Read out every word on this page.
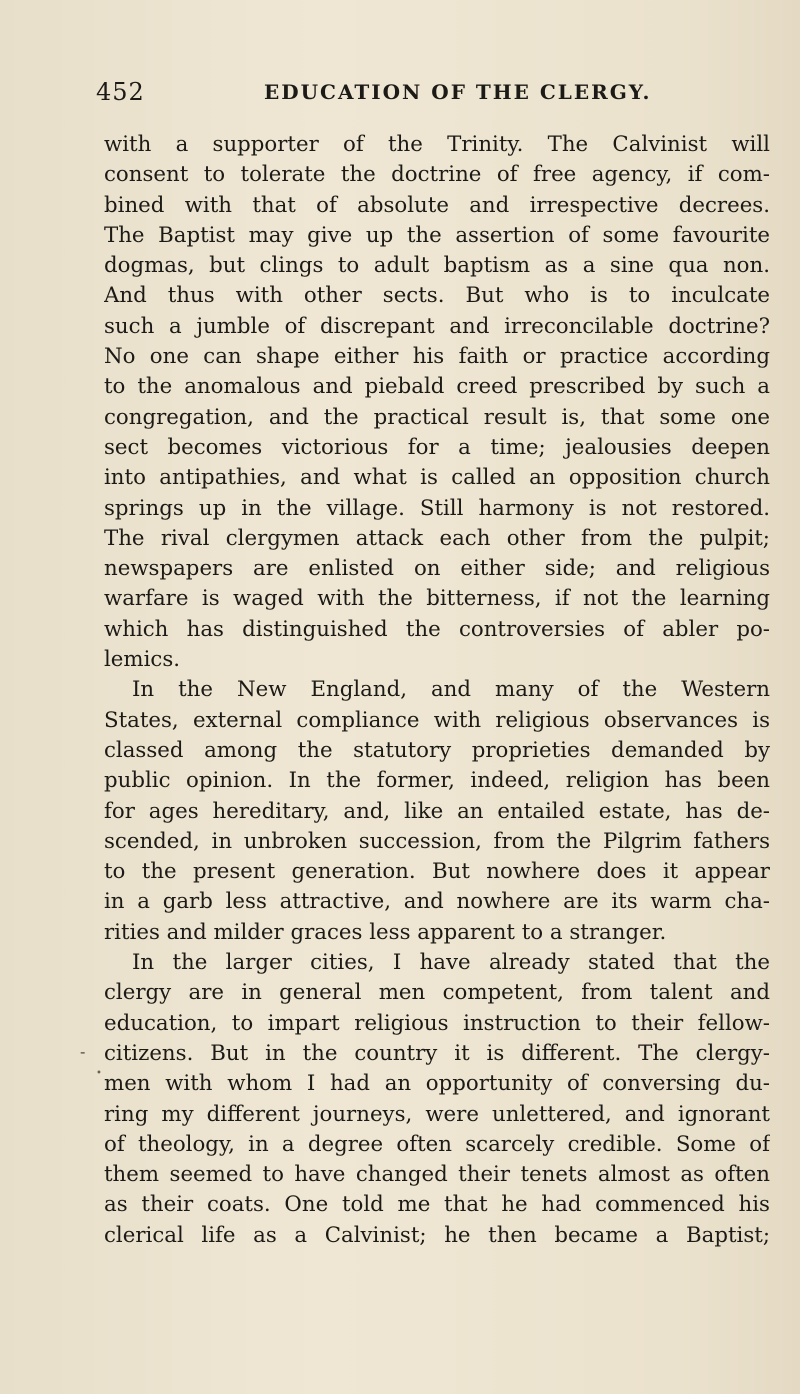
452	EDUCATION OF THE CLERGY.
with a supporter of the Trinity. The Calvinist will
consent to tolerate the doctrine of free agency, if com-
bined with that of absolute and irrespective decrees.
The Baptist may give up the assertion of some favourite
dogmas, but clings to adult baptism as a sine qua non.
And thus with other sects. But who is to inculcate
such a jumble of discrepant and irreconcilable doctrine?
No one can shape either his faith or practice according
to the anomalous and piebald creed prescribed by such a
congregation, and the practical result is, that some one
sect becomes victorious for a time; jealousies deepen
into antipathies, and what is called an opposition church
springs up in the village. Still harmony is not restored.
The rival clergymen attack each other from the pulpit;
newspapers are enlisted on either side; and religious
warfare is waged with the bitterness, if not the learning
which has distinguished the controversies of abler po-
lemics.
In the New England, and many of the Western
States, external compliance with religious observances is
classed among the statutory proprieties demanded by
public opinion. In the former, indeed, religion has been
for ages hereditary, and, like an entailed estate, has de-
scended, in unbroken succession, from the Pilgrim fathers
to the present generation. But nowhere does it appear
in a garb less attractive, and nowhere are its warm cha-
rities and milder graces less apparent to a stranger.
In the larger cities, I have already stated that the
clergy are in general men competent, from talent and
education, to impart religious instruction to their fellow-
citizens. But in the country it is different. The clergy-
men with whom I had an opportunity of conversing du-
ring my different journeys, were unlettered, and ignorant
of theology, in a degree often scarcely credible. Some of
them seemed to have changed their tenets almost as often
as their coats. One told me that he had commenced his
clerical life as a Calvinist; he then became a Baptist;
-
•
